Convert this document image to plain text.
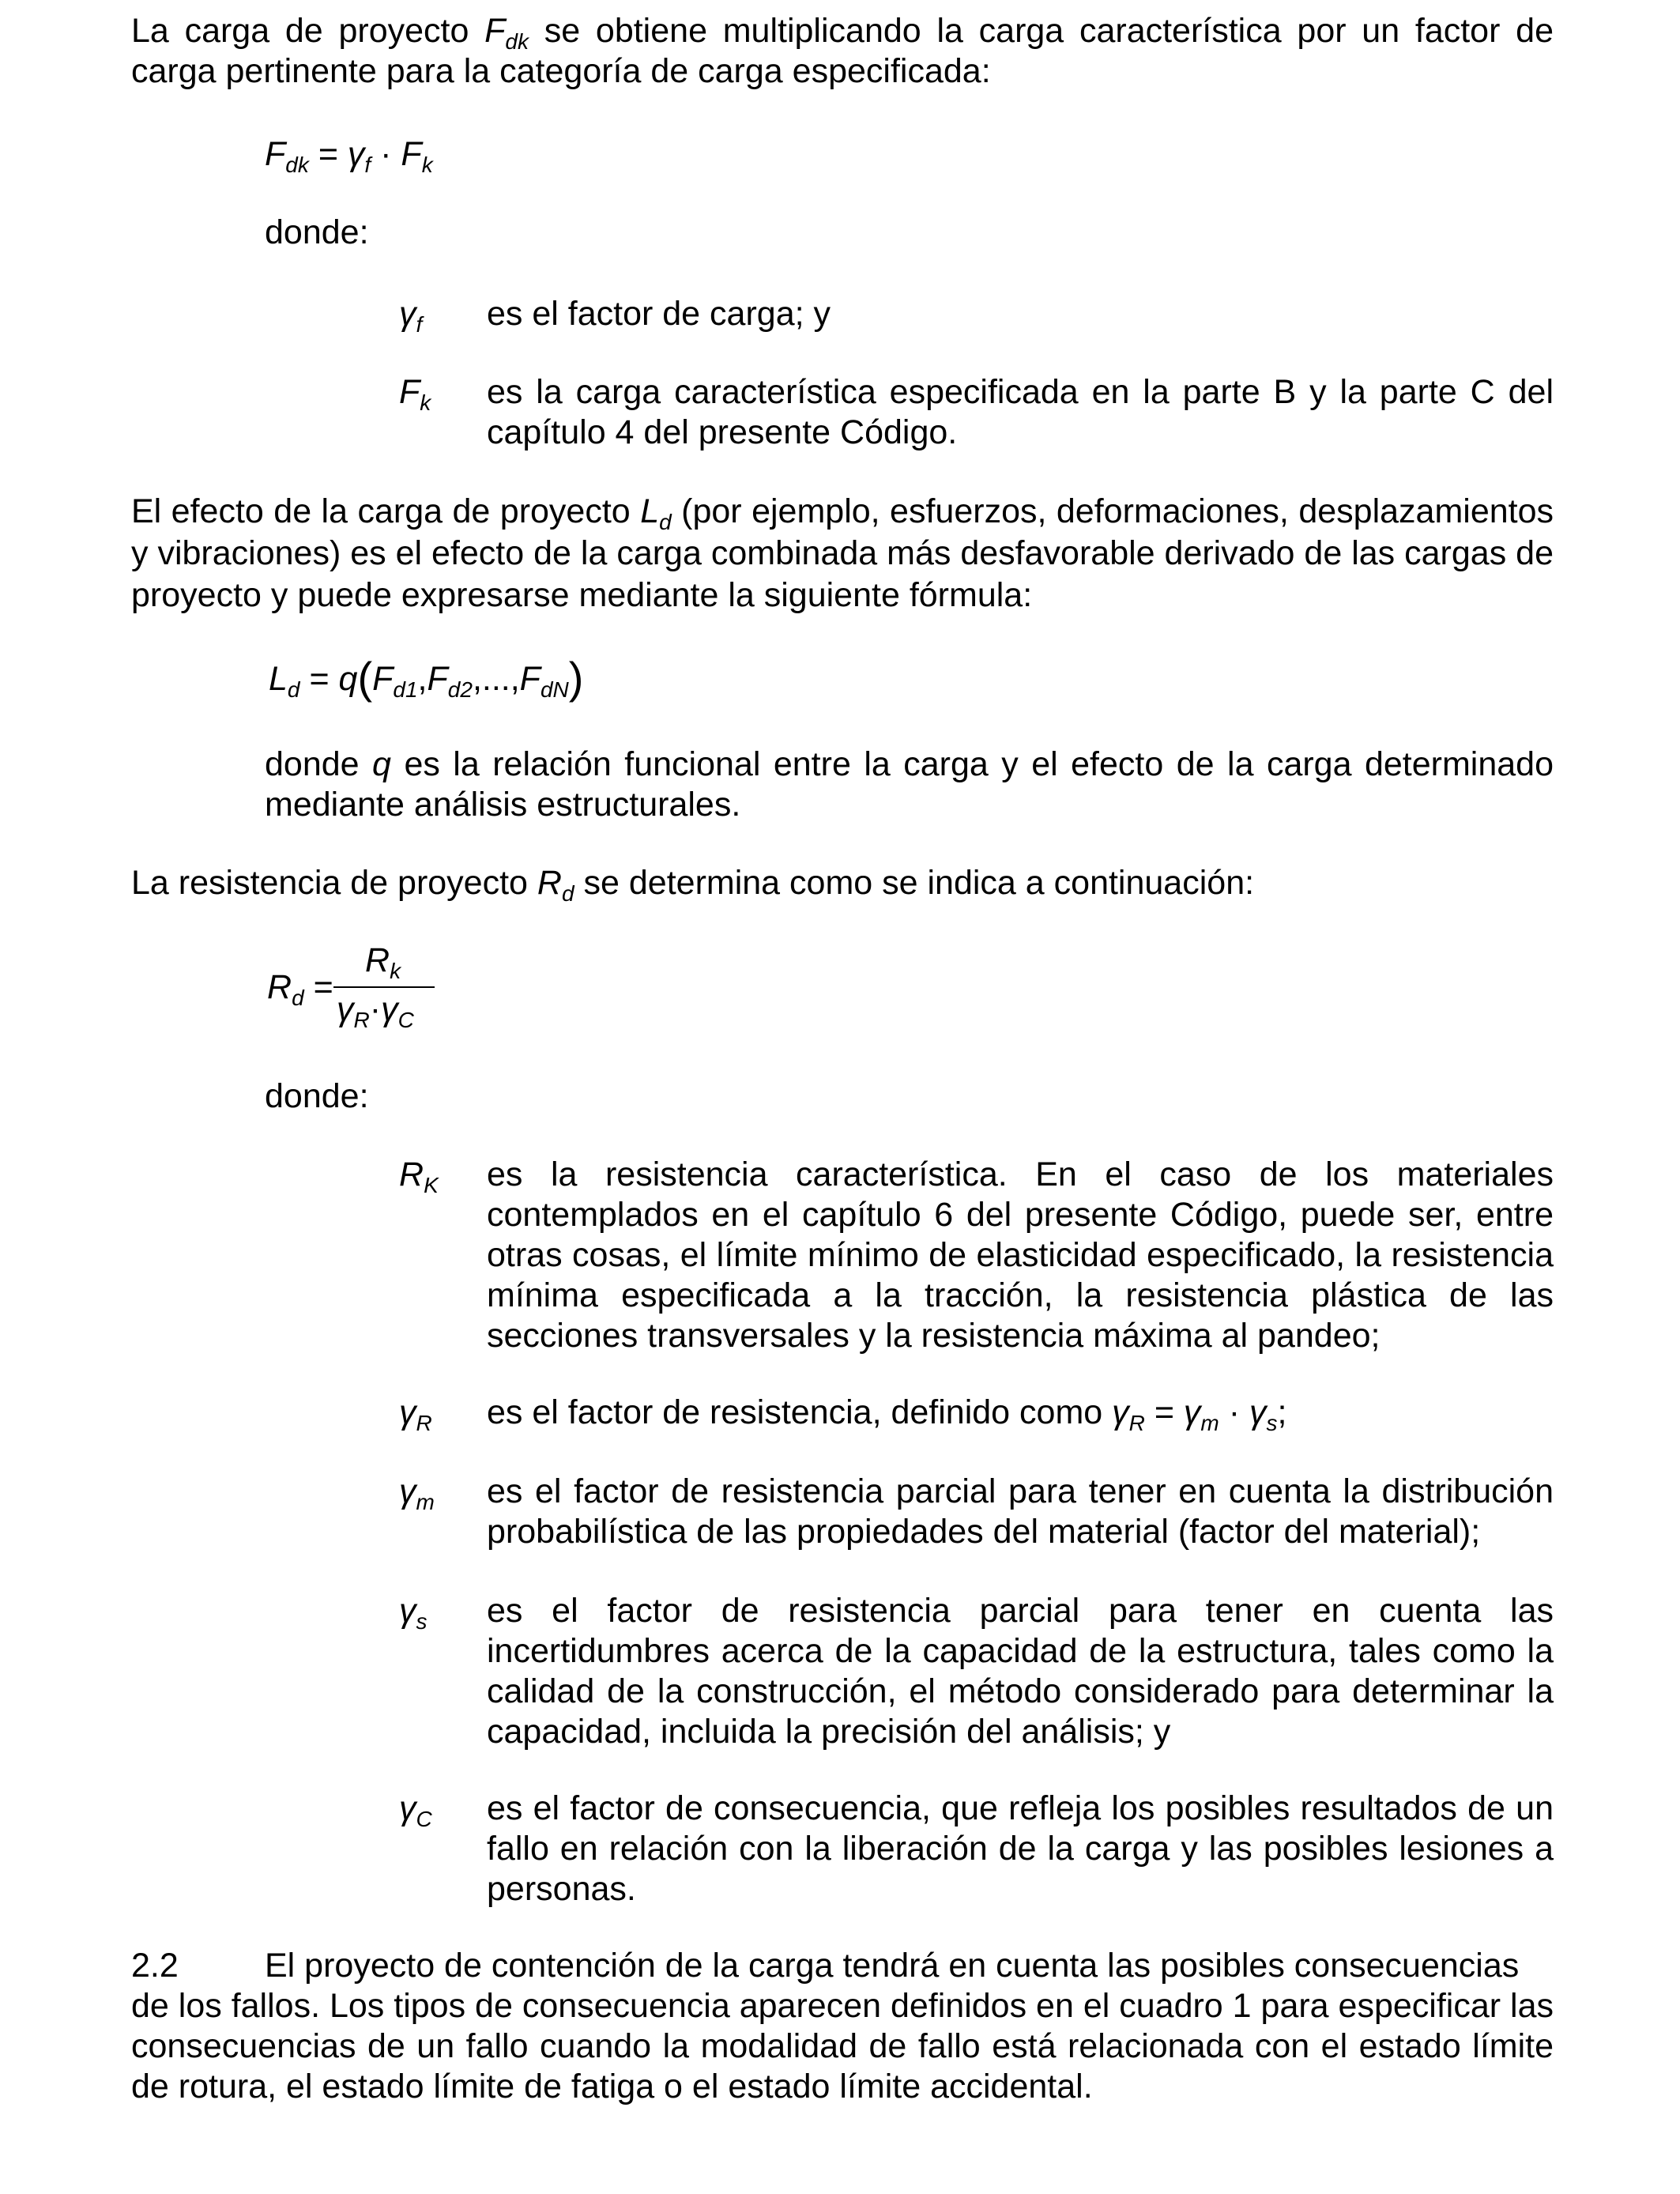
La carga de proyecto $F_{dk}$ se obtiene multiplicando la carga característica por un factor de carga pertinente para la categoría de carga especificada:
$F_{dk} = \gamma_f \cdot F_k$
donde:
$\gamma_f$ es el factor de carga; y
$F_k$ es la carga característica especificada en la parte B y la parte C del capítulo 4 del presente Código.
El efecto de la carga de proyecto $L_d$ (por ejemplo, esfuerzos, deformaciones, desplazamientos y vibraciones) es el efecto de la carga combinada más desfavorable derivado de las cargas de proyecto y puede expresarse mediante la siguiente fórmula:
$L_d = q(F_{d1},F_{d2},...,F_{dN})$
donde q es la relación funcional entre la carga y el efecto de la carga determinado mediante análisis estructurales.
La resistencia de proyecto $R_d$ se determina como se indica a continuación:
$R_d$ =
$R_k$
$\gamma_R\cdot\gamma_C$
donde:
$R_K$ es la resistencia característica. En el caso de los materiales contemplados en el capítulo 6 del presente Código, puede ser, entre otras cosas, el límite mínimo de elasticidad especificado, la resistencia mínima especificada a la tracción, la resistencia plástica de las secciones transversales y la resistencia máxima al pandeo;
$\gamma_R$ es el factor de resistencia, definido como $\gamma_R = \gamma_m \cdot \gamma_s$;
$\gamma_m$ es el factor de resistencia parcial para tener en cuenta la distribución probabilística de las propiedades del material (factor del material);
$\gamma_s$ es el factor de resistencia parcial para tener en cuenta las incertidumbres acerca de la capacidad de la estructura, tales como la calidad de la construcción, el método considerado para determinar la capacidad, incluida la precisión del análisis; y
$\gamma_C$ es el factor de consecuencia, que refleja los posibles resultados de un fallo en relación con la liberación de la carga y las posibles lesiones a personas.
2.2	El proyecto de contención de la carga tendrá en cuenta las posibles consecuencias
de los fallos. Los tipos de consecuencia aparecen definidos en el cuadro 1 para especificar las consecuencias de un fallo cuando la modalidad de fallo está relacionada con el estado límite de rotura, el estado límite de fatiga o el estado límite accidental.
